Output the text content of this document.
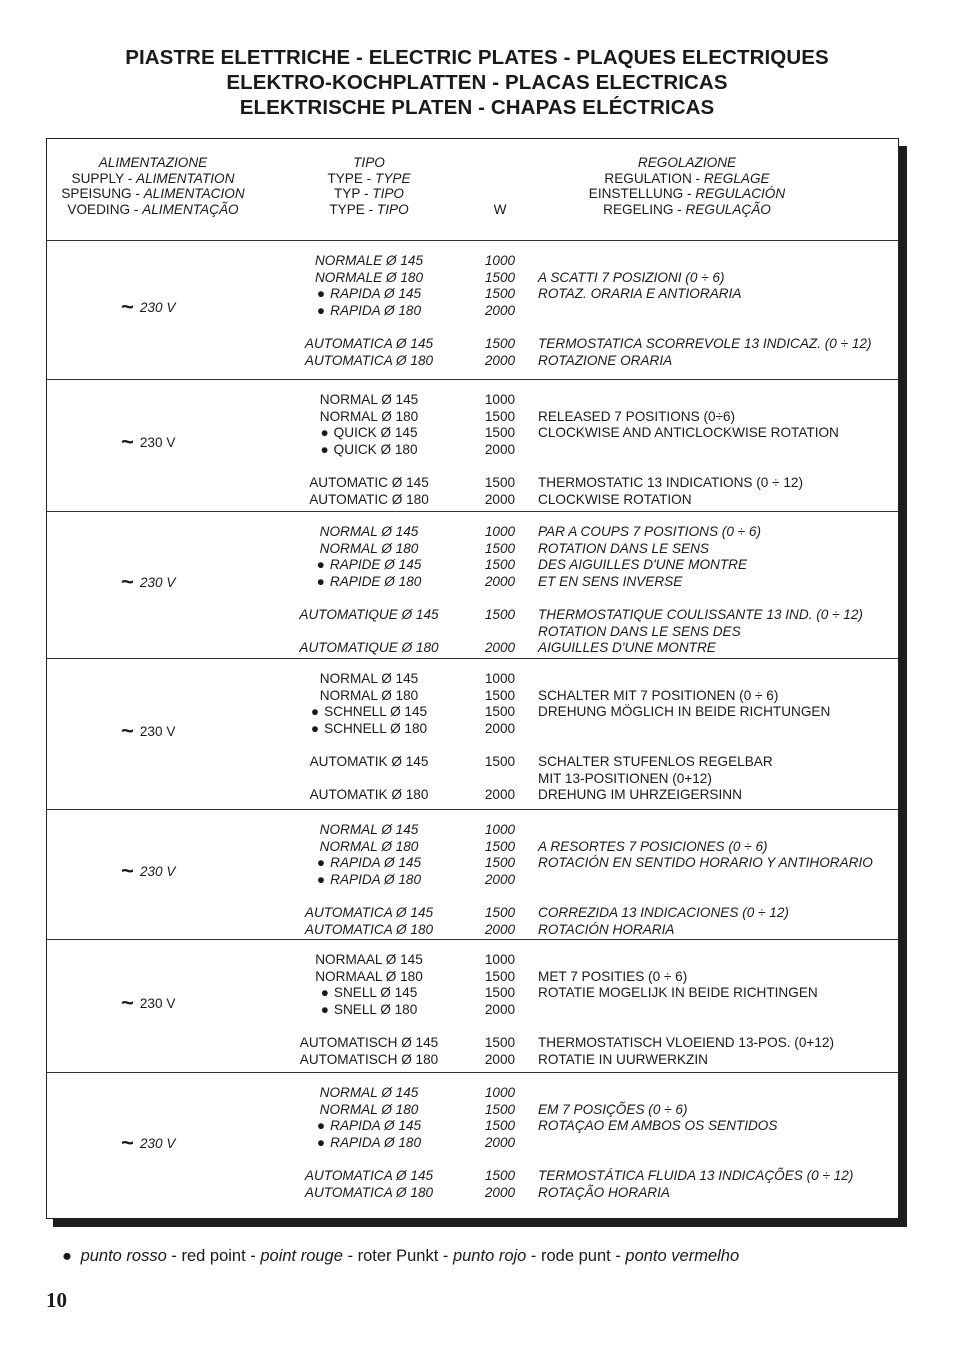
PIASTRE ELETTRICHE - ELECTRIC PLATES - PLAQUES ELECTRIQUES
ELEKTRO-KOCHPLATTEN - PLACAS ELECTRICAS
ELEKTRISCHE PLATEN - CHAPAS ELÉCTRICAS
ALIMENTAZIONE
SUPPLY - ALIMENTATION
SPEISUNG - ALIMENTACION
VOEDING - ALIMENTAÇÃO
TIPO
TYPE - TYPE
TYP - TIPO
TYPE - TIPO
REGOLAZIONE
REGULATION - REGLAGE
EINSTELLUNG - REGULACIÓN
REGELING - REGULAÇÃO
W
NORMALE Ø 145
NORMALE Ø 180
● RAPIDA Ø 145
● RAPIDA Ø 180
AUTOMATICA Ø 145
AUTOMATICA Ø 180
1000
1500
1500
2000
1500
2000
A SCATTI 7 POSIZIONI (0 ÷ 6)
ROTAZ. ORARIA E ANTIORARIA
TERMOSTATICA SCORREVOLE 13 INDICAZ. (0 ÷ 12)
ROTAZIONE ORARIA
~ 230 V
NORMAL Ø 145
NORMAL Ø 180
● QUICK Ø 145
● QUICK Ø 180
AUTOMATIC Ø 145
AUTOMATIC Ø 180
1000
1500
1500
2000
1500
2000
RELEASED 7 POSITIONS (0÷6)
CLOCKWISE AND ANTICLOCKWISE ROTATION
THERMOSTATIC 13 INDICATIONS (0 ÷ 12)
CLOCKWISE ROTATION
~ 230 V
NORMAL Ø 145
NORMAL Ø 180
● RAPIDE Ø 145
● RAPIDE Ø 180
AUTOMATIQUE Ø 145
AUTOMATIQUE Ø 180
1000
1500
1500
2000
1500
2000
PAR A COUPS 7 POSITIONS (0 ÷ 6)
ROTATION DANS LE SENS
DES AIGUILLES D'UNE MONTRE
ET EN SENS INVERSE
THERMOSTATIQUE COULISSANTE 13 IND. (0 ÷ 12)
ROTATION DANS LE SENS DES
AIGUILLES D'UNE MONTRE
~ 230 V
NORMAL Ø 145
NORMAL Ø 180
● SCHNELL Ø 145
● SCHNELL Ø 180
AUTOMATIK Ø 145
AUTOMATIK Ø 180
1000
1500
1500
2000
1500
2000
SCHALTER MIT 7 POSITIONEN (0 ÷ 6)
DREHUNG MÖGLICH IN BEIDE RICHTUNGEN
SCHALTER STUFENLOS REGELBAR
MIT 13-POSITIONEN (0+12)
DREHUNG IM UHRZEIGERSINN
~ 230 V
NORMAL Ø 145
NORMAL Ø 180
● RAPIDA Ø 145
● RAPIDA Ø 180
AUTOMATICA Ø 145
AUTOMATICA Ø 180
1000
1500
1500
2000
1500
2000
A RESORTES 7 POSICIONES (0 ÷ 6)
ROTACIÓN EN SENTIDO HORARIO Y ANTIHORARIO
CORREZIDA 13 INDICACIONES (0 ÷ 12)
ROTACIÓN HORARIA
~ 230 V
NORMAAL Ø 145
NORMAAL Ø 180
● SNELL Ø 145
● SNELL Ø 180
AUTOMATISCH Ø 145
AUTOMATISCH Ø 180
1000
1500
1500
2000
1500
2000
MET 7 POSITIES (0 ÷ 6)
ROTATIE MOGELIJK IN BEIDE RICHTINGEN
THERMOSTATISCH VLOEIEND 13-POS. (0+12)
ROTATIE IN UURWERKZIN
~ 230 V
NORMAL Ø 145
NORMAL Ø 180
● RAPIDA Ø 145
● RAPIDA Ø 180
AUTOMATICA Ø 145
AUTOMATICA Ø 180
1000
1500
1500
2000
1500
2000
EM 7 POSIÇÕES (0 ÷ 6)
ROTAÇAO EM AMBOS OS SENTIDOS
TERMOSTÁTICA FLUIDA 13 INDICAÇÕES (0 ÷ 12)
ROTAÇÃO HORARIA
~ 230 V
● punto rosso - red point - point rouge - roter Punkt - punto rojo - rode punt - ponto vermelho
10
